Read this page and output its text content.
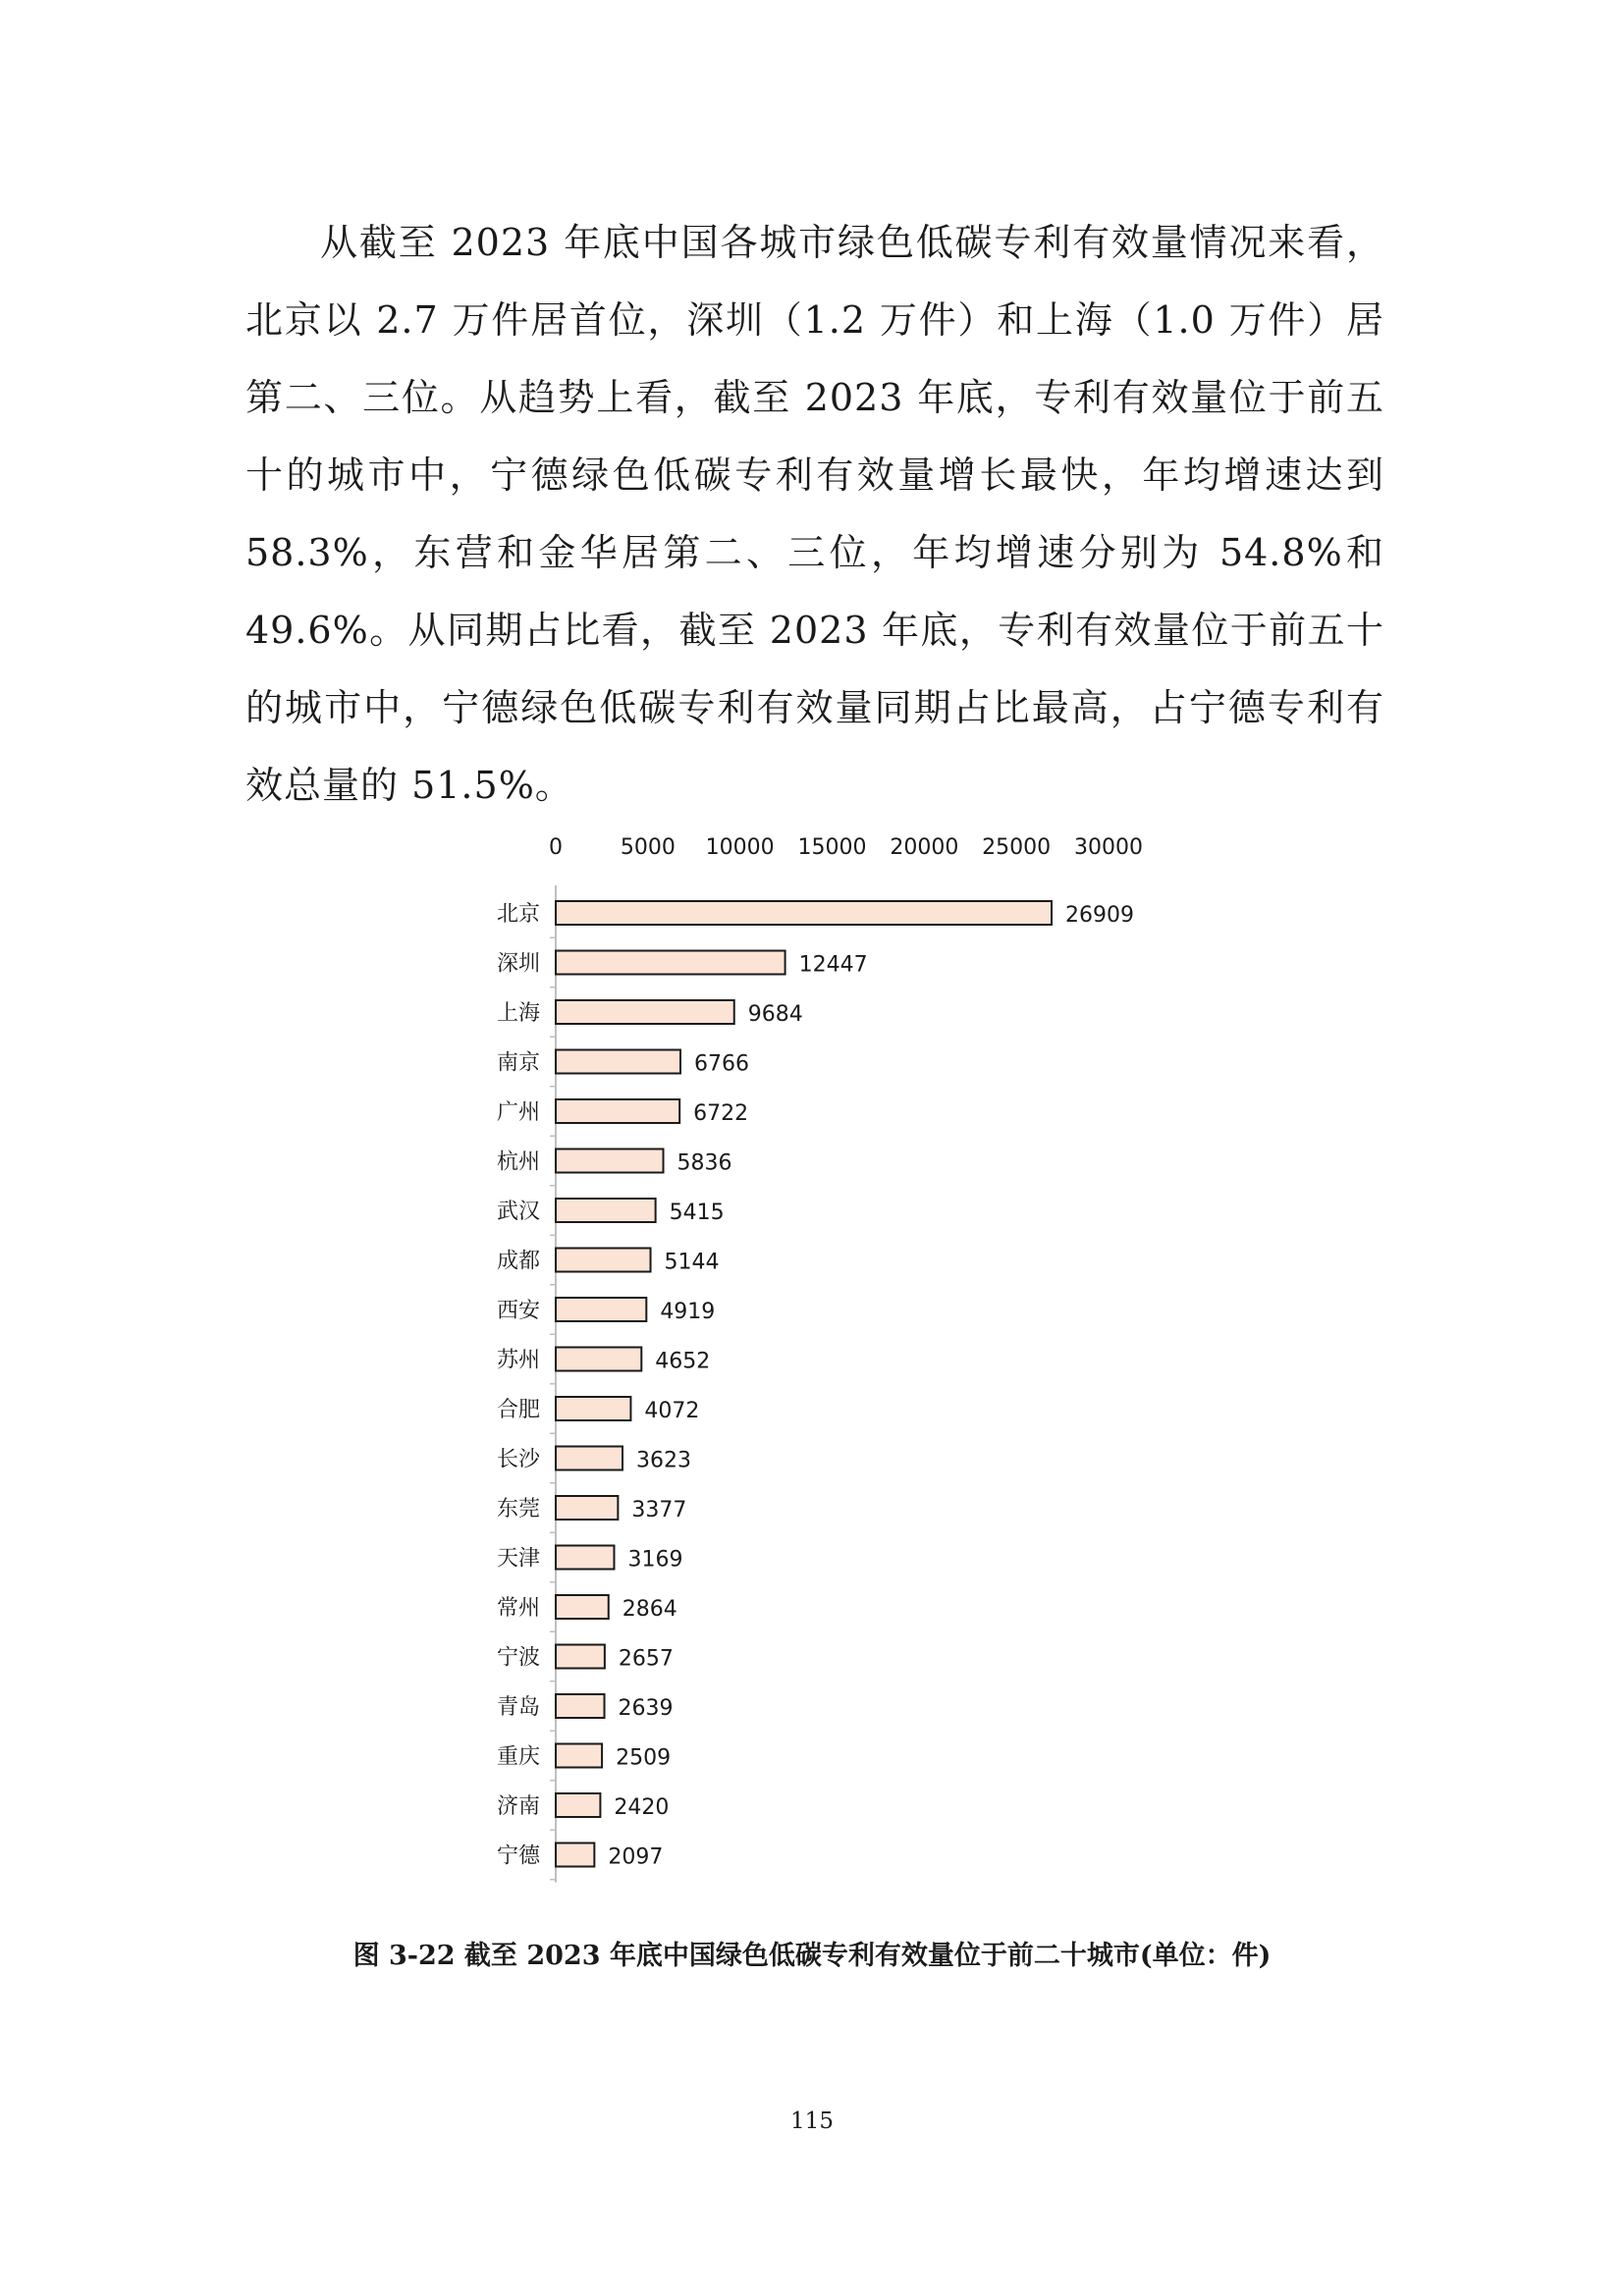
从截至 2023 年底中国各城市绿色低碳专利有效量情况来看，北京以 2.7 万件居首位，深圳（1.2 万件）和上海（1.0 万件）居第二、三位。从趋势上看，截至 2023 年底，专利有效量位于前五十的城市中，宁德绿色低碳专利有效量增长最快，年均增速达到 58.3%，东营和金华居第二、三位，年均增速分别为 54.8%和 49.6%。从同期占比看，截至 2023 年底，专利有效量位于前五十的城市中，宁德绿色低碳专利有效量同期占比最高，占宁德专利有效总量的 51.5%。

0	5000 10000 15000 20000 25000 30000
北京	26909
深圳	12447
上海	9684
南京	6766
广州	6722
杭州	5836
武汉	5415
成都	5144
西安	4919
苏州	4652
合肥	4072
长沙	3623
东莞	3377
天津	3169
常州	2864
宁波	2657
青岛	2639
重庆	2509
济南	2420
宁德	2097

图 3-22 截至 2023 年底中国绿色低碳专利有效量位于前二十城市(单位：件)

115
